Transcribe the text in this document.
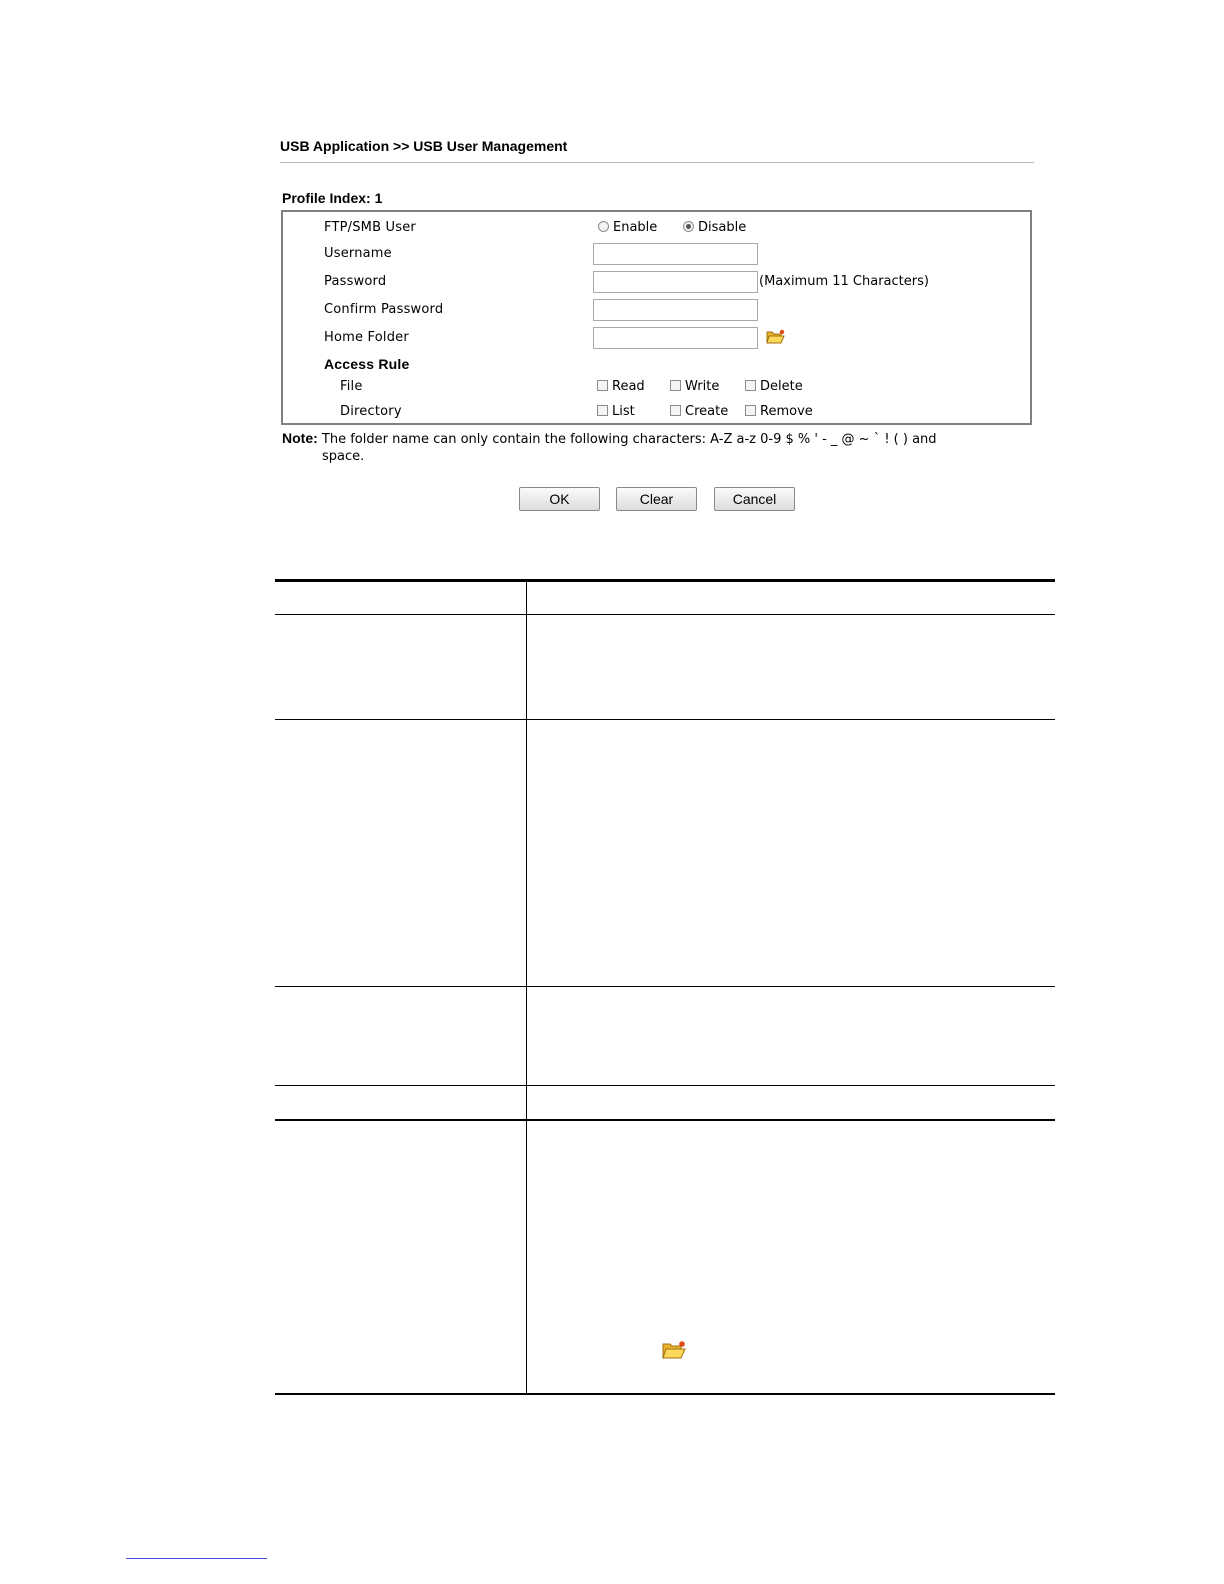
USB Application >> USB User Management
Profile Index: 1
FTP/SMB User	Enable	Disable
Username
Password	(Maximum 11 Characters)
Confirm Password
Home Folder
Access Rule
File	Read	Write	Delete
Directory	List	Create	Remove
Note: The folder name can only contain the following characters: A-Z a-z 0-9 $ % ' - _ @ ~ ` ! ( ) and
space.
OK	Clear	Cancel
